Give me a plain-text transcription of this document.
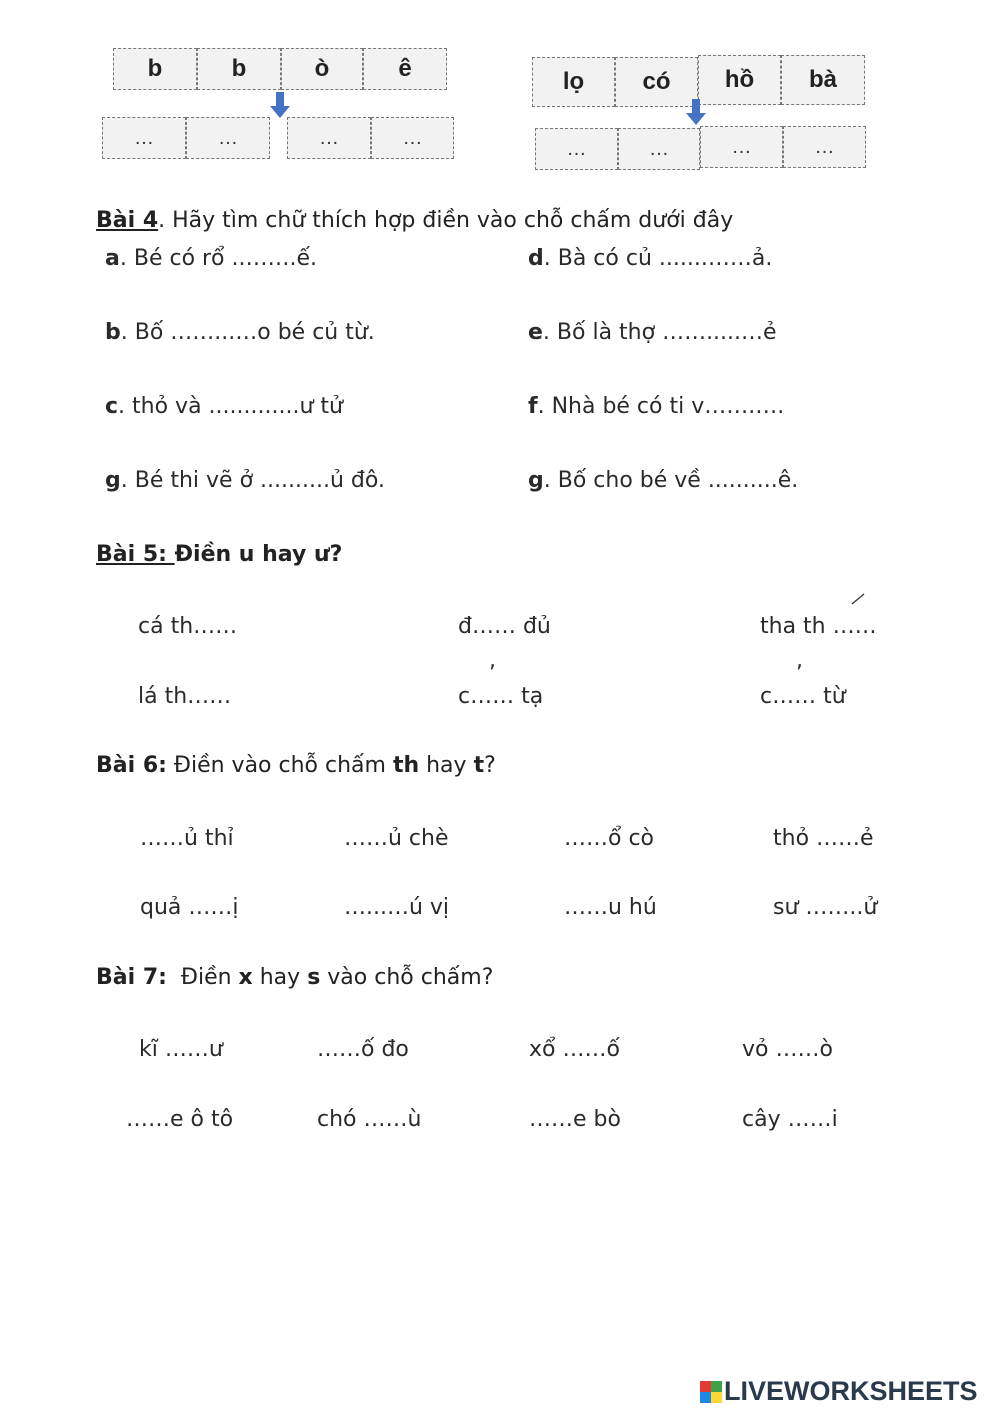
b	b	ò	ê
…	…	…	…
lọ	có	hồ	bà
…	…	…	…
Bài 4. Hãy tìm chữ thích hợp điền vào chỗ chấm dưới đây
a. Bé có rổ ..…….ế.	d. Bà có củ .......……ả.
b. Bố ……...…o bé củ từ.	e. Bố là thợ …….....…ẻ
c. thỏ và .............ư tử	f. Nhà bé có ti v…….….
g. Bé thi vẽ ở ..........ủ đô.	g. Bố cho bé về ..........ê.
Bài 5: Điền u hay ư?
,	,
cá th……	đ…… đủ	tha th ……
lá th……	c…… tạ	c…… từ
Bài 6: Điền vào chỗ chấm th hay t?
……ủ thỉ	……ủ chè	……ổ cò	thỏ ……ẻ
quả ……ị	…...…ú vị	……u hú	sư ……..ử
Bài 7:  Điền x hay s vào chỗ chấm?
kĩ ……ư	……ố đo	xổ ……ố	vỏ ……ò
……e ô tô	chó ……ù	……e bò	cây ……i
LIVEWORKSHEETS
